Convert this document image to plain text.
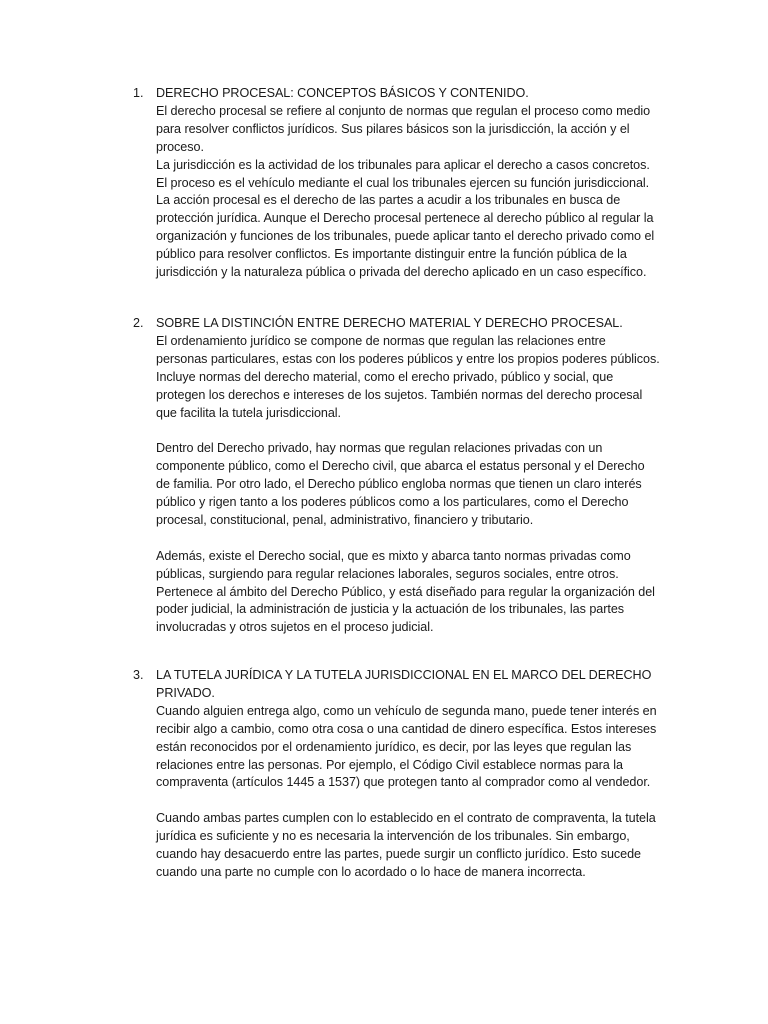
1. DERECHO PROCESAL: CONCEPTOS BÁSICOS Y CONTENIDO.

El derecho procesal se refiere al conjunto de normas que regulan el proceso como medio para resolver conflictos jurídicos. Sus pilares básicos son la jurisdicción, la acción y el proceso.

La jurisdicción es la actividad de los tribunales para aplicar el derecho a casos concretos. El proceso es el vehículo mediante el cual los tribunales ejercen su función jurisdiccional. La acción procesal es el derecho de las partes a acudir a los tribunales en busca de protección jurídica. Aunque el Derecho procesal pertenece al derecho público al regular la organización y funciones de los tribunales, puede aplicar tanto el derecho privado como el público para resolver conflictos. Es importante distinguir entre la función pública de la jurisdicción y la naturaleza pública o privada del derecho aplicado en un caso específico.

2. SOBRE LA DISTINCIÓN ENTRE DERECHO MATERIAL Y DERECHO PROCESAL.

El ordenamiento jurídico se compone de normas que regulan las relaciones entre personas particulares, estas con los poderes públicos y entre los propios poderes públicos. Incluye normas del derecho material, como el erecho privado, público y social, que protegen los derechos e intereses de los sujetos. También normas del derecho procesal que facilita la tutela jurisdiccional.

Dentro del Derecho privado, hay normas que regulan relaciones privadas con un componente público, como el Derecho civil, que abarca el estatus personal y el Derecho de familia. Por otro lado, el Derecho público engloba normas que tienen un claro interés público y rigen tanto a los poderes públicos como a los particulares, como el Derecho procesal, constitucional, penal, administrativo, financiero y tributario.

Además, existe el Derecho social, que es mixto y abarca tanto normas privadas como públicas, surgiendo para regular relaciones laborales, seguros sociales, entre otros. Pertenece al ámbito del Derecho Público, y está diseñado para regular la organización del poder judicial, la administración de justicia y la actuación de los tribunales, las partes involucradas y otros sujetos en el proceso judicial.

3. LA TUTELA JURÍDICA Y LA TUTELA JURISDICCIONAL EN EL MARCO DEL DERECHO PRIVADO.

Cuando alguien entrega algo, como un vehículo de segunda mano, puede tener interés en recibir algo a cambio, como otra cosa o una cantidad de dinero específica. Estos intereses están reconocidos por el ordenamiento jurídico, es decir, por las leyes que regulan las relaciones entre las personas. Por ejemplo, el Código Civil establece normas para la compraventa (artículos 1445 a 1537) que protegen tanto al comprador como al vendedor.

Cuando ambas partes cumplen con lo establecido en el contrato de compraventa, la tutela jurídica es suficiente y no es necesaria la intervención de los tribunales. Sin embargo, cuando hay desacuerdo entre las partes, puede surgir un conflicto jurídico. Esto sucede cuando una parte no cumple con lo acordado o lo hace de manera incorrecta.
